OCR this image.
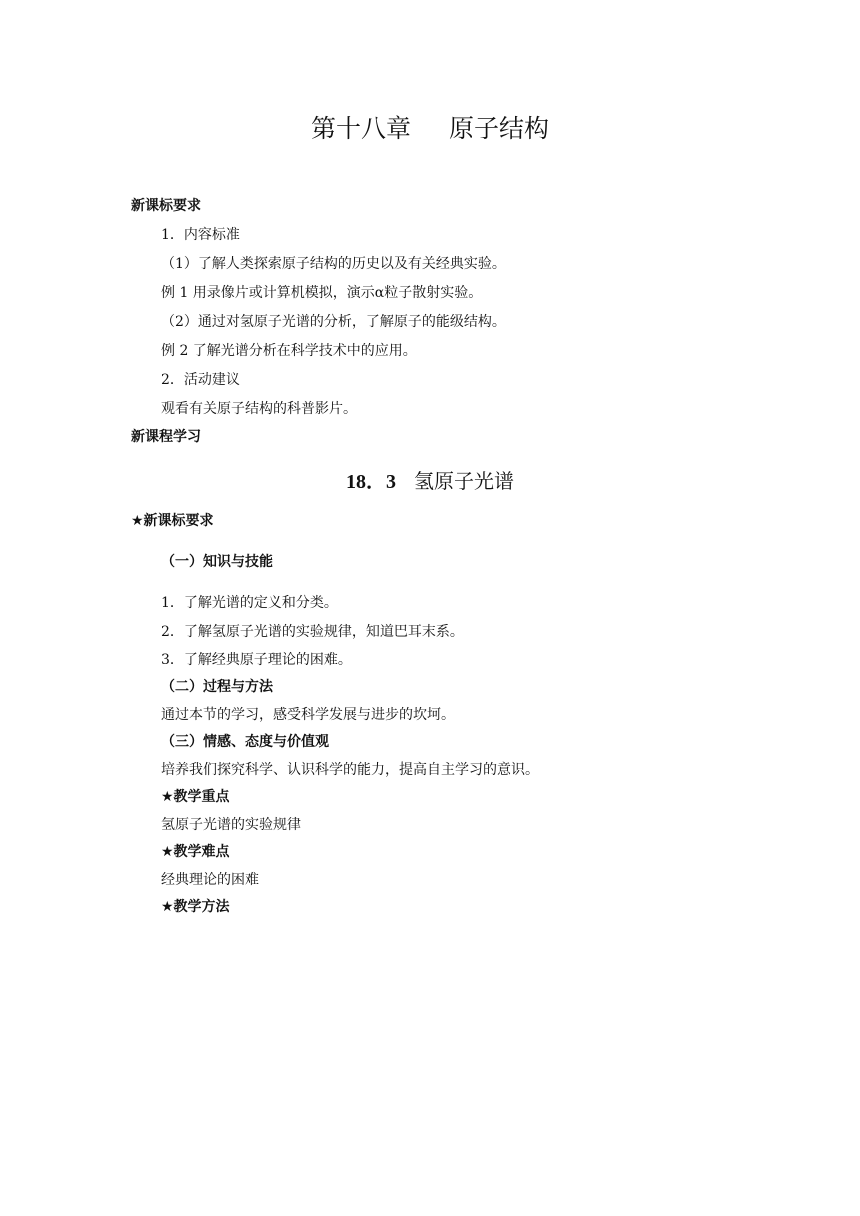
第十八章 原子结构
新课标要求
1．内容标准
（1）了解人类探索原子结构的历史以及有关经典实验。
例 1 用录像片或计算机模拟，演示α粒子散射实验。
（2）通过对氢原子光谱的分析，了解原子的能级结构。
例 2 了解光谱分析在科学技术中的应用。
2．活动建议
观看有关原子结构的科普影片。
新课程学习
18．3 氢原子光谱
★新课标要求
（一）知识与技能
1．了解光谱的定义和分类。
2．了解氢原子光谱的实验规律，知道巴耳末系。
3．了解经典原子理论的困难。
（二）过程与方法
通过本节的学习，感受科学发展与进步的坎坷。
（三）情感、态度与价值观
培养我们探究科学、认识科学的能力，提高自主学习的意识。
★教学重点
氢原子光谱的实验规律
★教学难点
经典理论的困难
★教学方法
